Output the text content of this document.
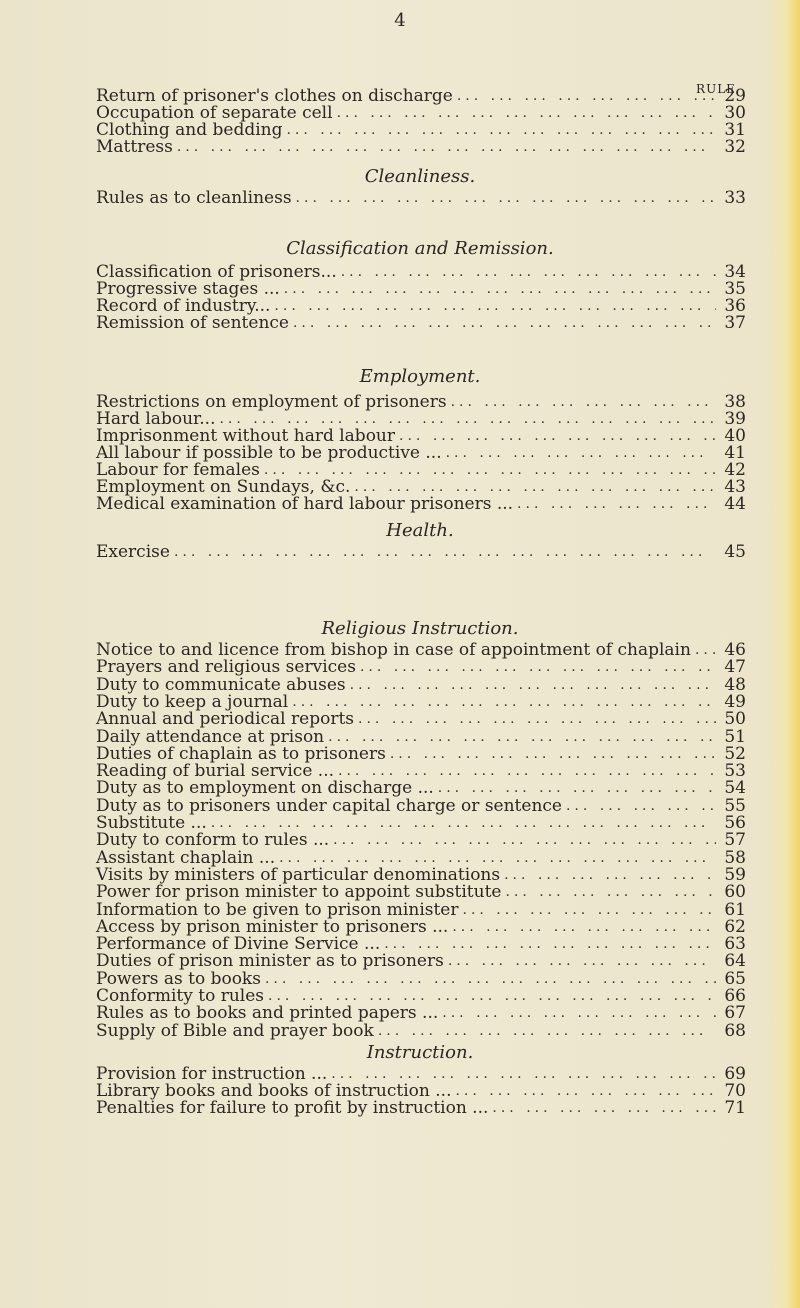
4
RULE
Return of prisoner's clothes on discharge ... .	29
Occupation of separate cell ... .	30
Clothing and bedding ... .	31
Mattress ... .	32
Cleanliness.
Rules as to cleanliness ... .	33
Classification and Remission.
Classification of prisoners... ... .	34
Progressive stages ... ... .	35
Record of industry... ... .	36
Remission of sentence ... .	37
Employment.
Restrictions on employment of prisoners ... .	38
Hard labour... ... .	39
Imprisonment without hard labour ... .	40
All labour if possible to be productive ... ... .	41
Labour for females ... .	42
Employment on Sundays, &c. ... .	43
Medical examination of hard labour prisoners ... ... .	44
Health.
Exercise ... .	45
Religious Instruction.
Notice to and licence from bishop in case of appointment of chaplain ... .	46
Prayers and religious services ... .	47
Duty to communicate abuses ... .	48
Duty to keep a journal ... .	49
Annual and periodical reports ... .	50
Daily attendance at prison ... .	51
Duties of chaplain as to prisoners ... .	52
Reading of burial service ... ... .	53
Duty as to employment on discharge ... ... .	54
Duty as to prisoners under capital charge or sentence ... .	55
Substitute ... ... .	56
Duty to conform to rules ... ... .	57
Assistant chaplain ... ... .	58
Visits by ministers of particular denominations ... .	59
Power for prison minister to appoint substitute ... .	60
Information to be given to prison minister ... .	61
Access by prison minister to prisoners ... ... .	62
Performance of Divine Service ... ... .	63
Duties of prison minister as to prisoners ... .	64
Powers as to books ... .	65
Conformity to rules ... .	66
Rules as to books and printed papers ... ... .	67
Supply of Bible and prayer book ... .	68
Instruction.
Provision for instruction ... ... .	69
Library books and books of instruction ... ... .	70
Penalties for failure to profit by instruction ... ... .	71
